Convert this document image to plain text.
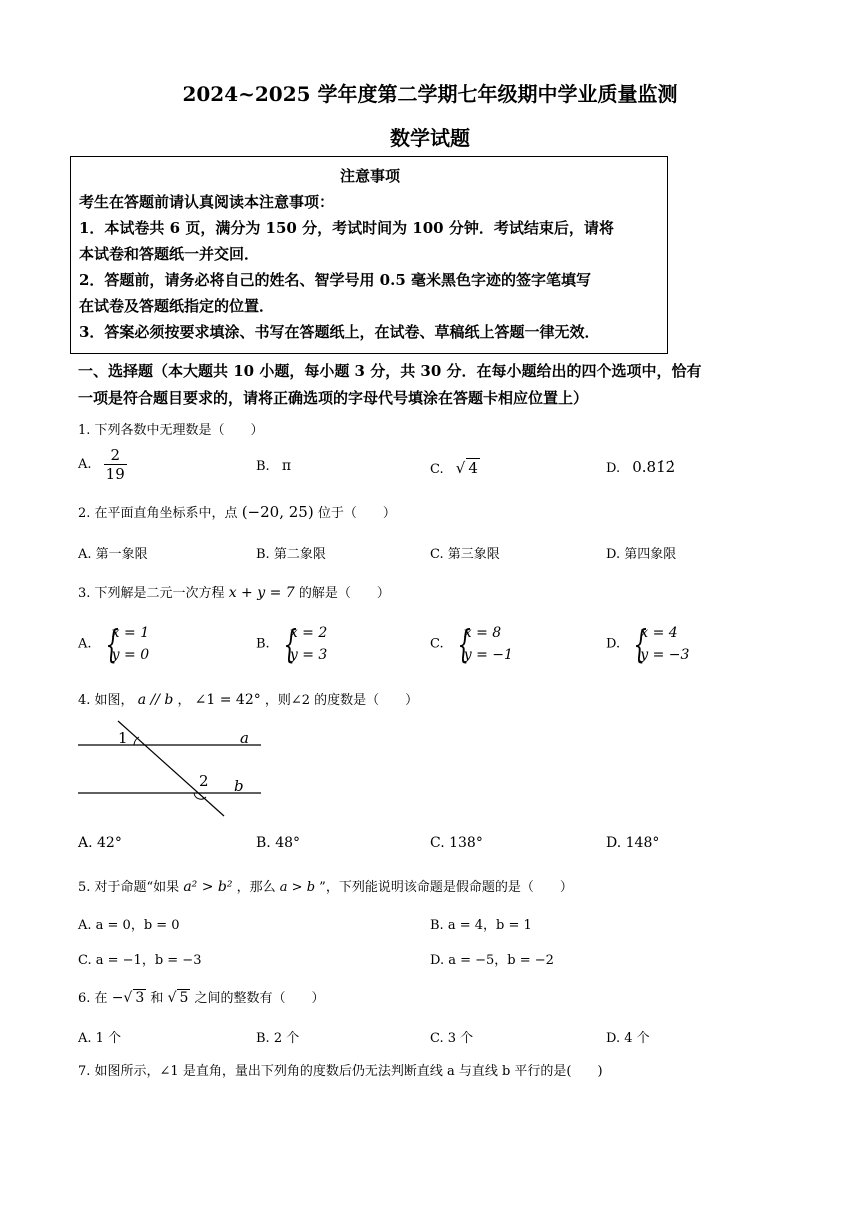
2024~2025 学年度第二学期七年级期中学业质量监测
数学试题
注意事项
考生在答题前请认真阅读本注意事项：
1．本试卷共 6 页，满分为 150 分，考试时间为 100 分钟．考试结束后，请将
本试卷和答题纸一并交回．
2．答题前，请务必将自己的姓名、智学号用 0.5 毫米黑色字迹的签字笔填写
在试卷及答题纸指定的位置．
3．答案必须按要求填涂、书写在答题纸上，在试卷、草稿纸上答题一律无效．
一、选择题（本大题共 10 小题，每小题 3 分，共 30 分．在每小题给出的四个选项中，恰有
一项是符合题目要求的，请将正确选项的字母代号填涂在答题卡相应位置上）
1. 下列各数中无理数是（　　）
A. $\frac{2}{19}$	B. π	C. √ 4	D. 0.81̇2̇
2. 在平面直角坐标系中，点 (−20, 25) 位于（　　）
A. 第一象限	B. 第二象限	C. 第三象限	D. 第四象限
3. 下列解是二元一次方程 x + y = 7 的解是（　　）
A.
{ x = 1
y = 0
B.
{ x = 2
y = 3
C.
{ x = 8
y = −1
D.
{ x = 4
y = −3
4. 如图， a // b ， ∠1 = 42° ，则∠2 的度数是（　　）
1
2
a
b
A. 42°	B. 48°	C. 138°	D. 148°
5. 对于命题“如果 a² > b² ，那么 a > b ”，下列能说明该命题是假命题的是（　　）
A. a = 0，b = 0	B. a = 4，b = 1
C. a = −1，b = −3	D. a = −5，b = −2
6. 在 −√ 3 和 √ 5 之间的整数有（　　）
A. 1 个	B. 2 个	C. 3 个	D. 4 个
7. 如图所示，∠1 是直角，量出下列角的度数后仍无法判断直线 a 与直线 b 平行的是(　　)
